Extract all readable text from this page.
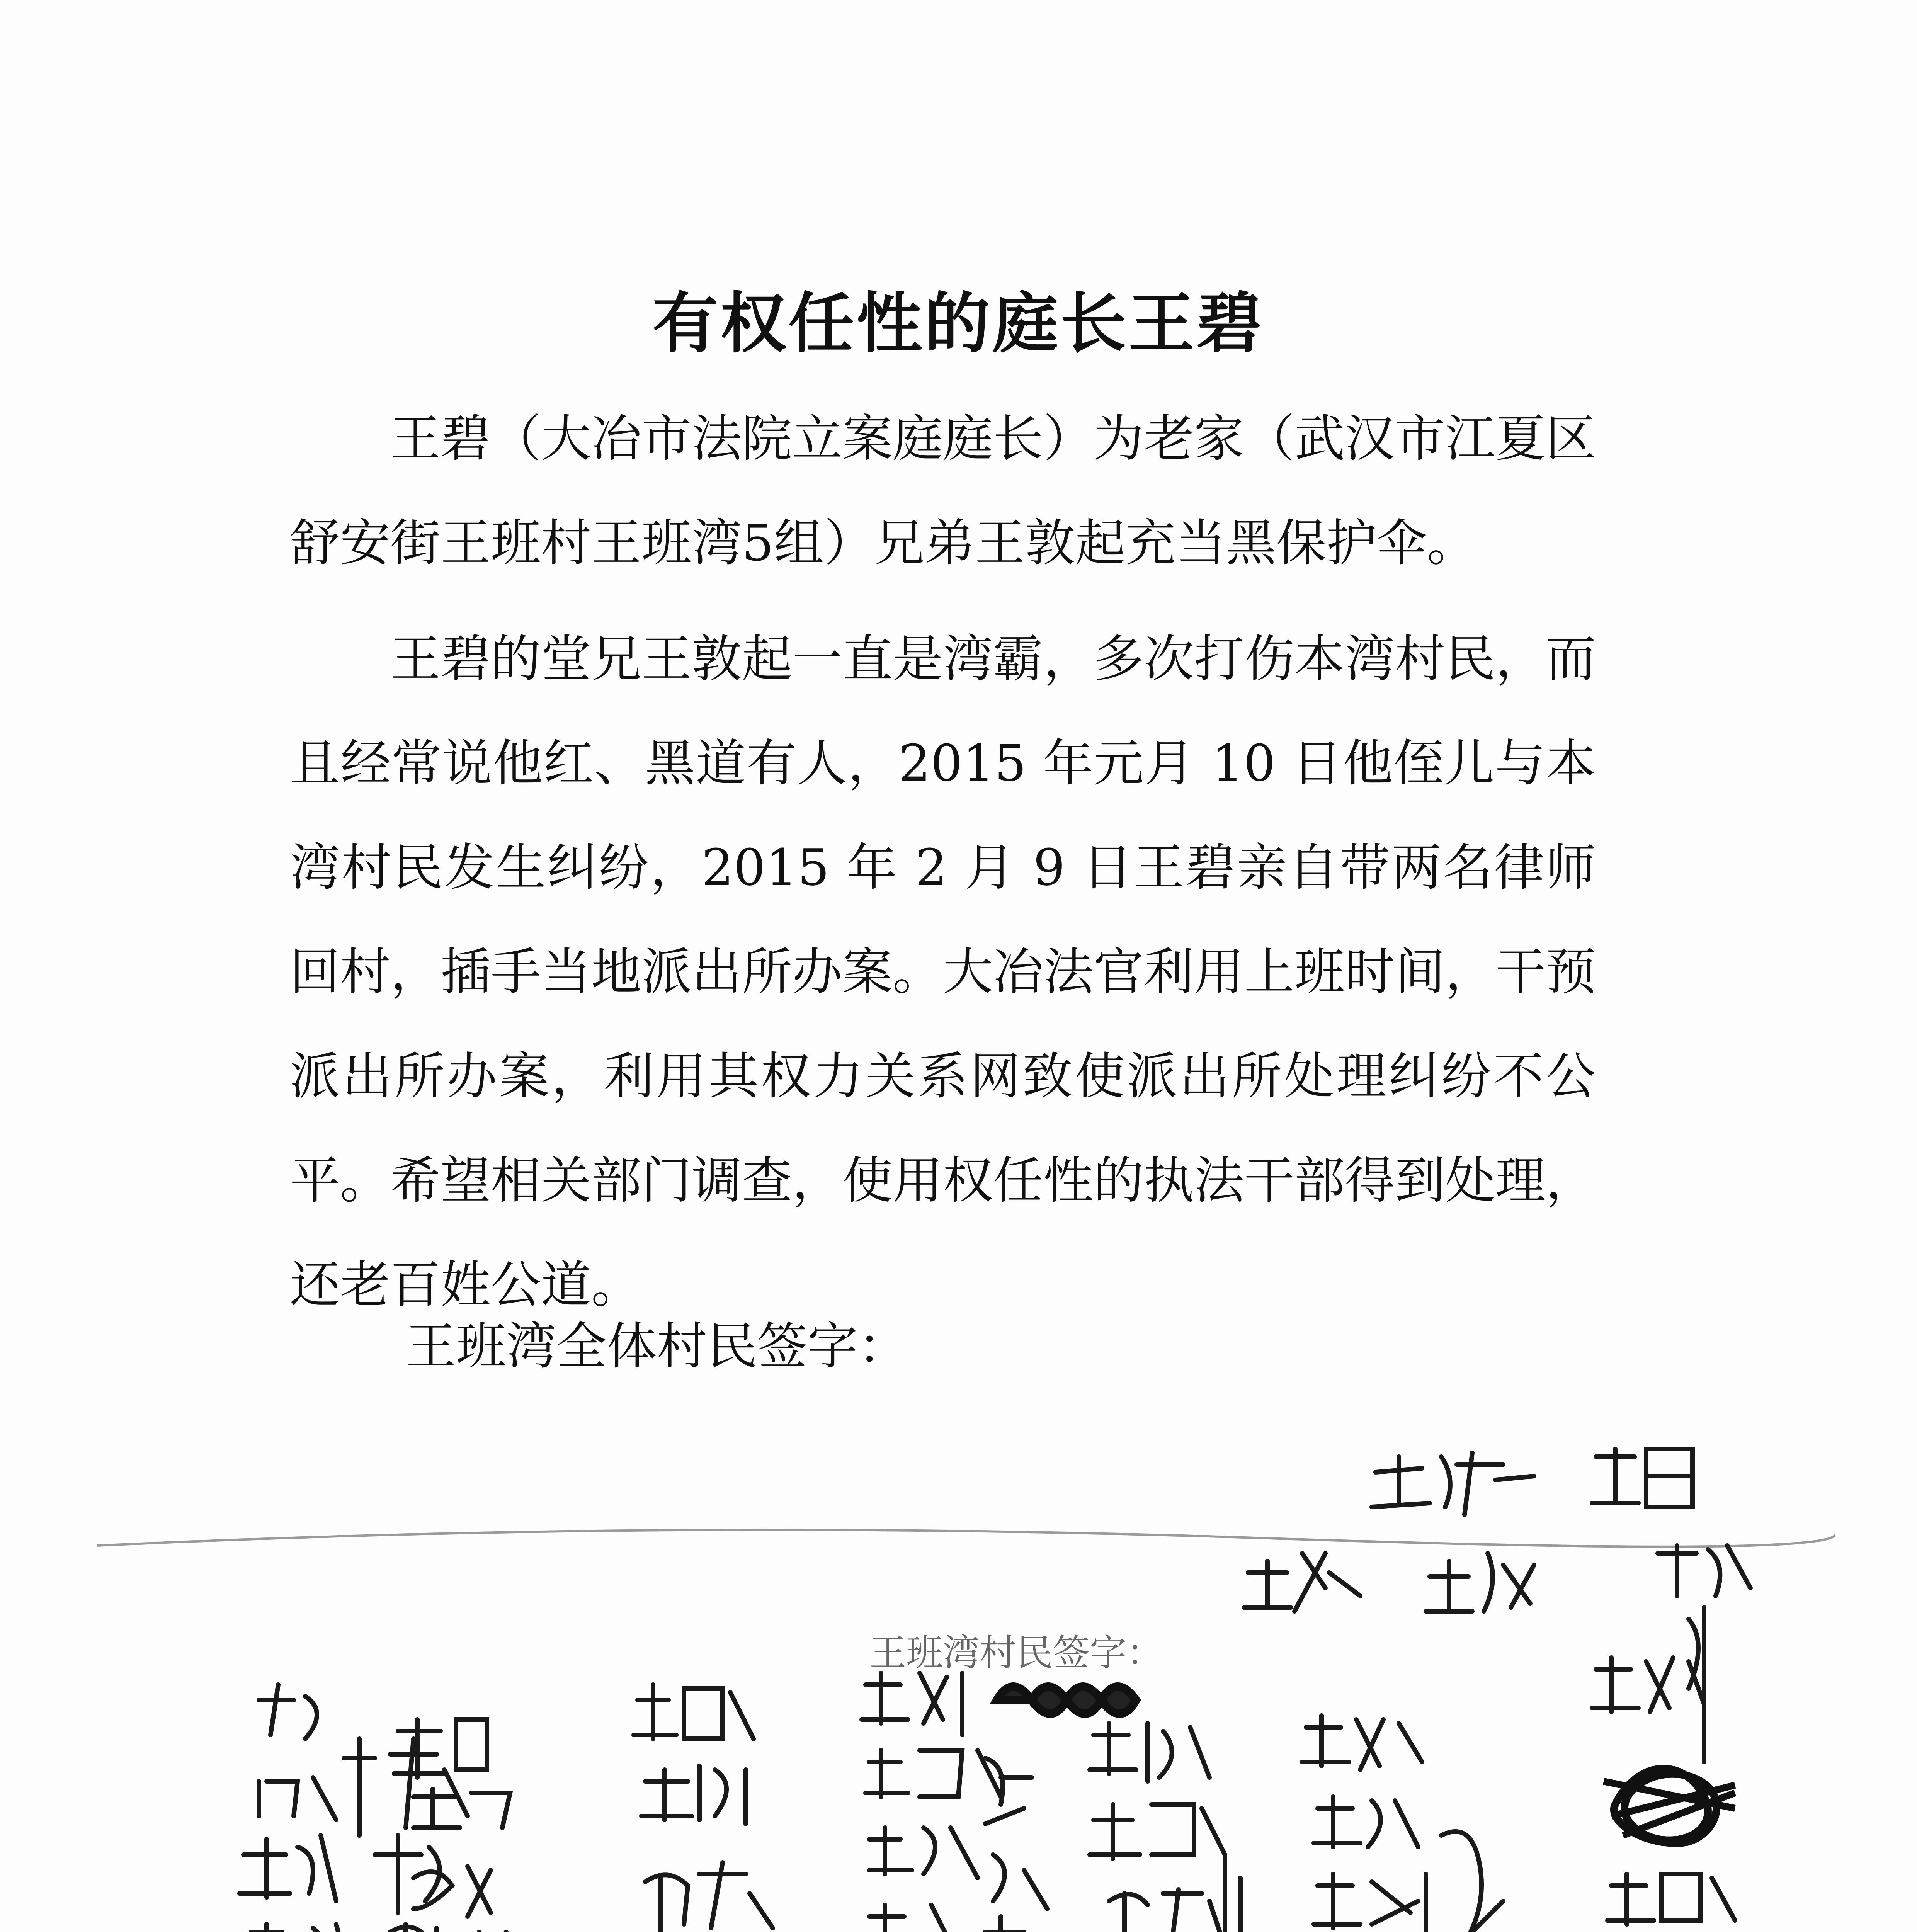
有权任性的庭长王碧

王碧（大冶市法院立案庭庭长）为老家（武汉市江夏区舒安街王班村王班湾5组）兄弟王敦起充当黑保护伞。

王碧的堂兄王敦起一直是湾霸，多次打伤本湾村民，而且经常说他红、黑道有人，2015 年元月 10 日他侄儿与本湾村民发生纠纷，2015 年 2 月 9 日王碧亲自带两名律师回村，插手当地派出所办案。大冶法官利用上班时间，干预派出所办案，利用其权力关系网致使派出所处理纠纷不公平。希望相关部门调查，使用权任性的执法干部得到处理，还老百姓公道。

王班湾全体村民签字：
王班湾村民签字：
